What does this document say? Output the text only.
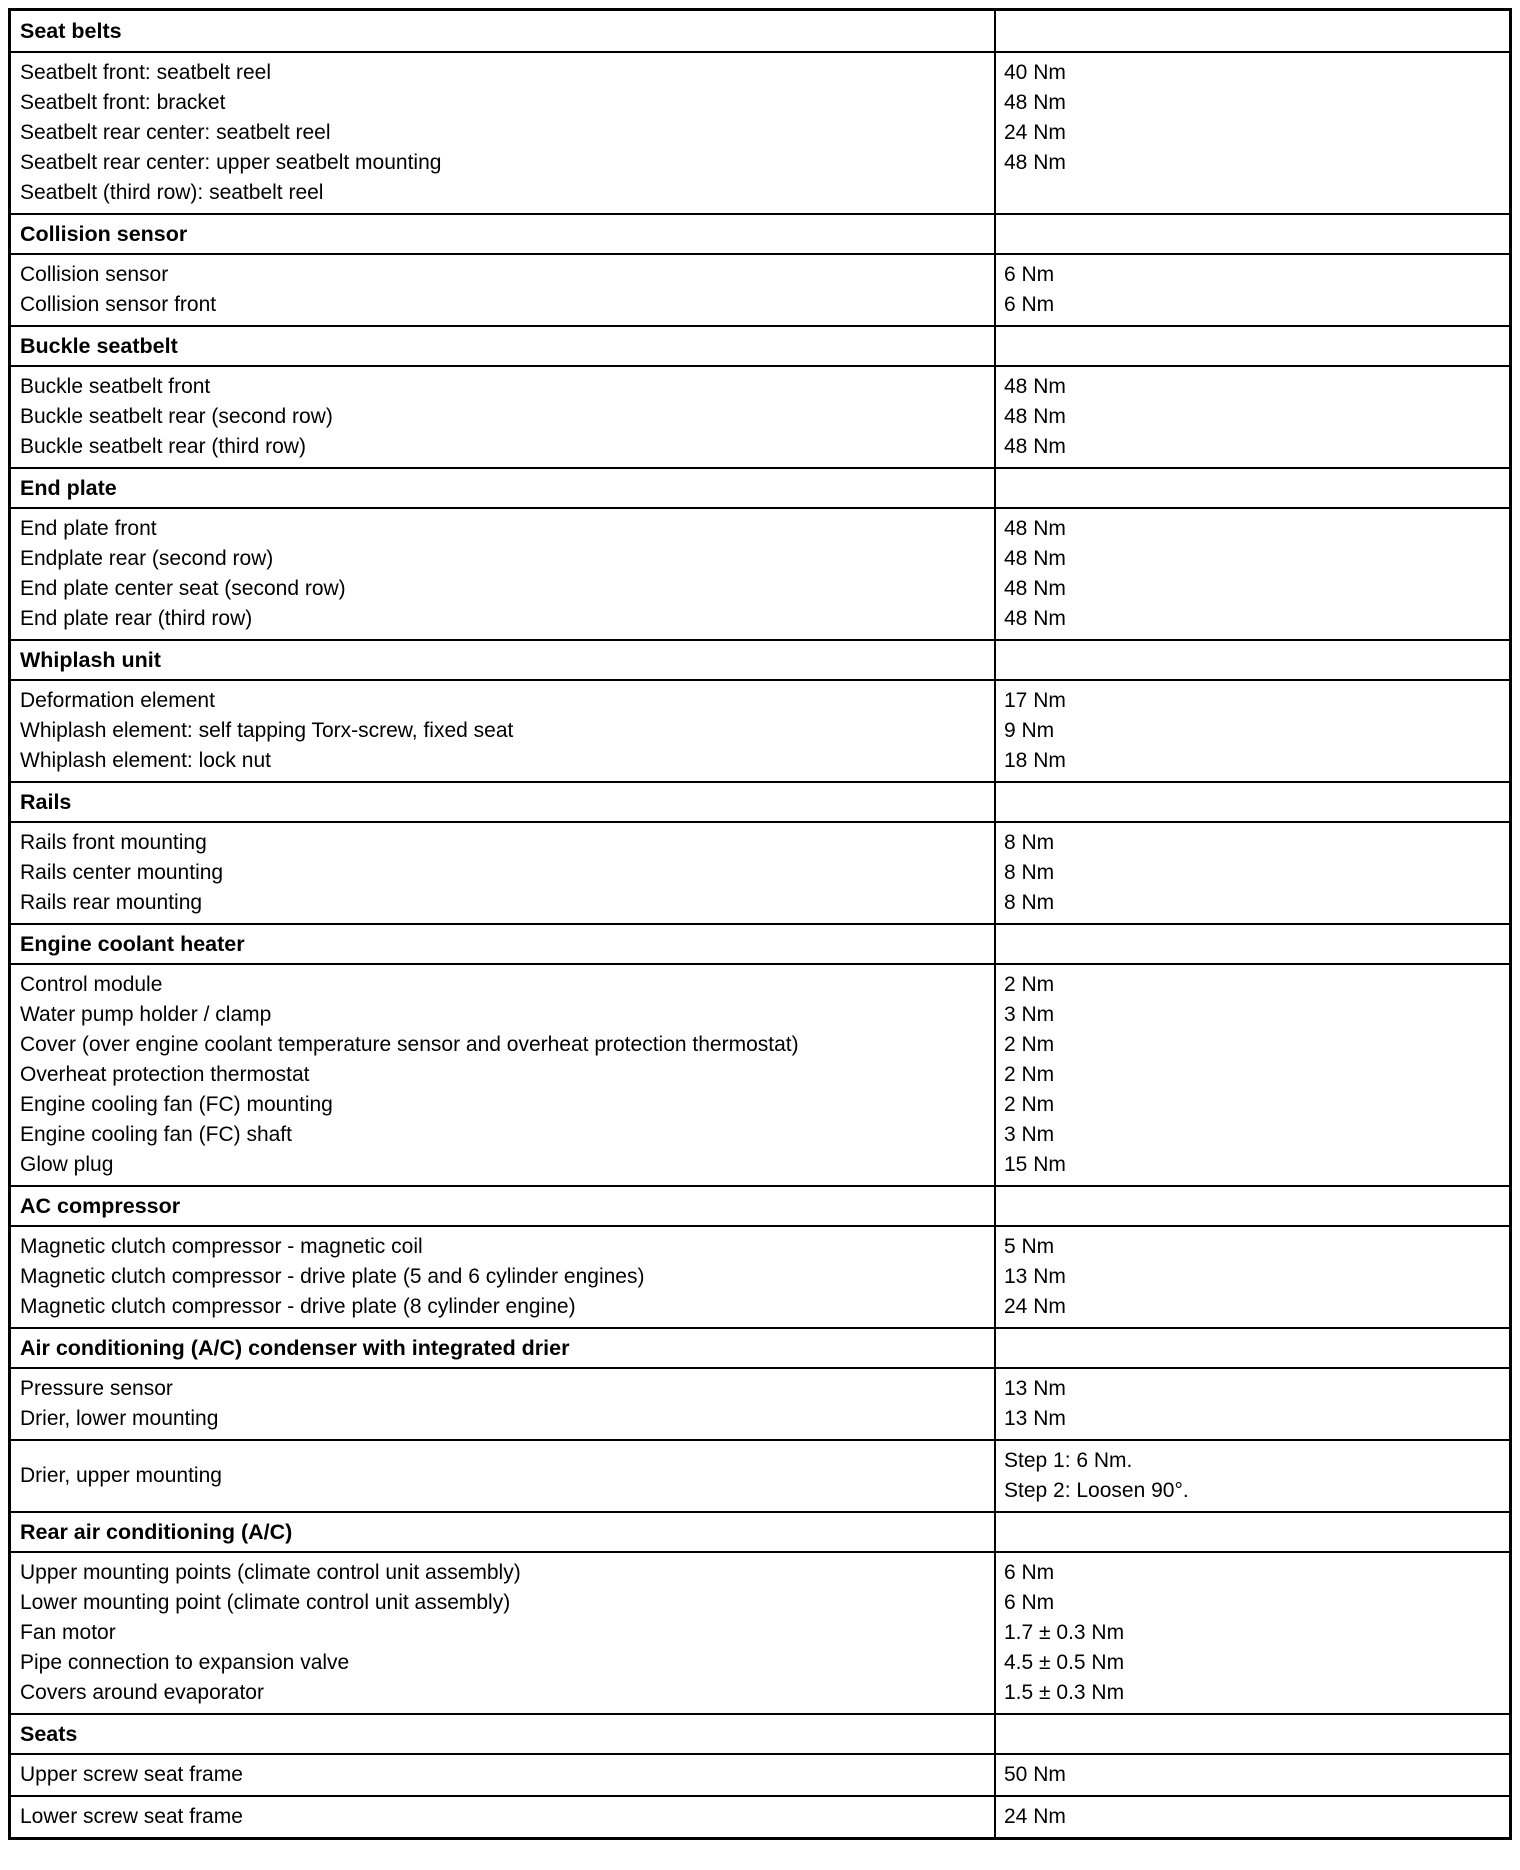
Seat belts
Seatbelt front: seatbelt reel
Seatbelt front: bracket
Seatbelt rear center: seatbelt reel
Seatbelt rear center: upper seatbelt mounting
Seatbelt (third row): seatbelt reel
40 Nm
48 Nm
24 Nm
48 Nm
Collision sensor
Collision sensor
Collision sensor front
6 Nm
6 Nm
Buckle seatbelt
Buckle seatbelt front
Buckle seatbelt rear (second row)
Buckle seatbelt rear (third row)
48 Nm
48 Nm
48 Nm
End plate
End plate front
Endplate rear (second row)
End plate center seat (second row)
End plate rear (third row)
48 Nm
48 Nm
48 Nm
48 Nm
Whiplash unit
Deformation element
Whiplash element: self tapping Torx-screw, fixed seat
Whiplash element: lock nut
17 Nm
9 Nm
18 Nm
Rails
Rails front mounting
Rails center mounting
Rails rear mounting
8 Nm
8 Nm
8 Nm
Engine coolant heater
Control module
Water pump holder / clamp
Cover (over engine coolant temperature sensor and overheat protection thermostat)
Overheat protection thermostat
Engine cooling fan (FC) mounting
Engine cooling fan (FC) shaft
Glow plug
2 Nm
3 Nm
2 Nm
2 Nm
2 Nm
3 Nm
15 Nm
AC compressor
Magnetic clutch compressor - magnetic coil
Magnetic clutch compressor - drive plate (5 and 6 cylinder engines)
Magnetic clutch compressor - drive plate (8 cylinder engine)
5 Nm
13 Nm
24 Nm
Air conditioning (A/C) condenser with integrated drier
Pressure sensor
Drier, lower mounting
13 Nm
13 Nm
Drier, upper mounting
Step 1: 6 Nm.
Step 2: Loosen 90°.
Rear air conditioning (A/C)
Upper mounting points (climate control unit assembly)
Lower mounting point (climate control unit assembly)
Fan motor
Pipe connection to expansion valve
Covers around evaporator
6 Nm
6 Nm
1.7 ± 0.3 Nm
4.5 ± 0.5 Nm
1.5 ± 0.3 Nm
Seats
Upper screw seat frame	50 Nm
Lower screw seat frame	24 Nm
